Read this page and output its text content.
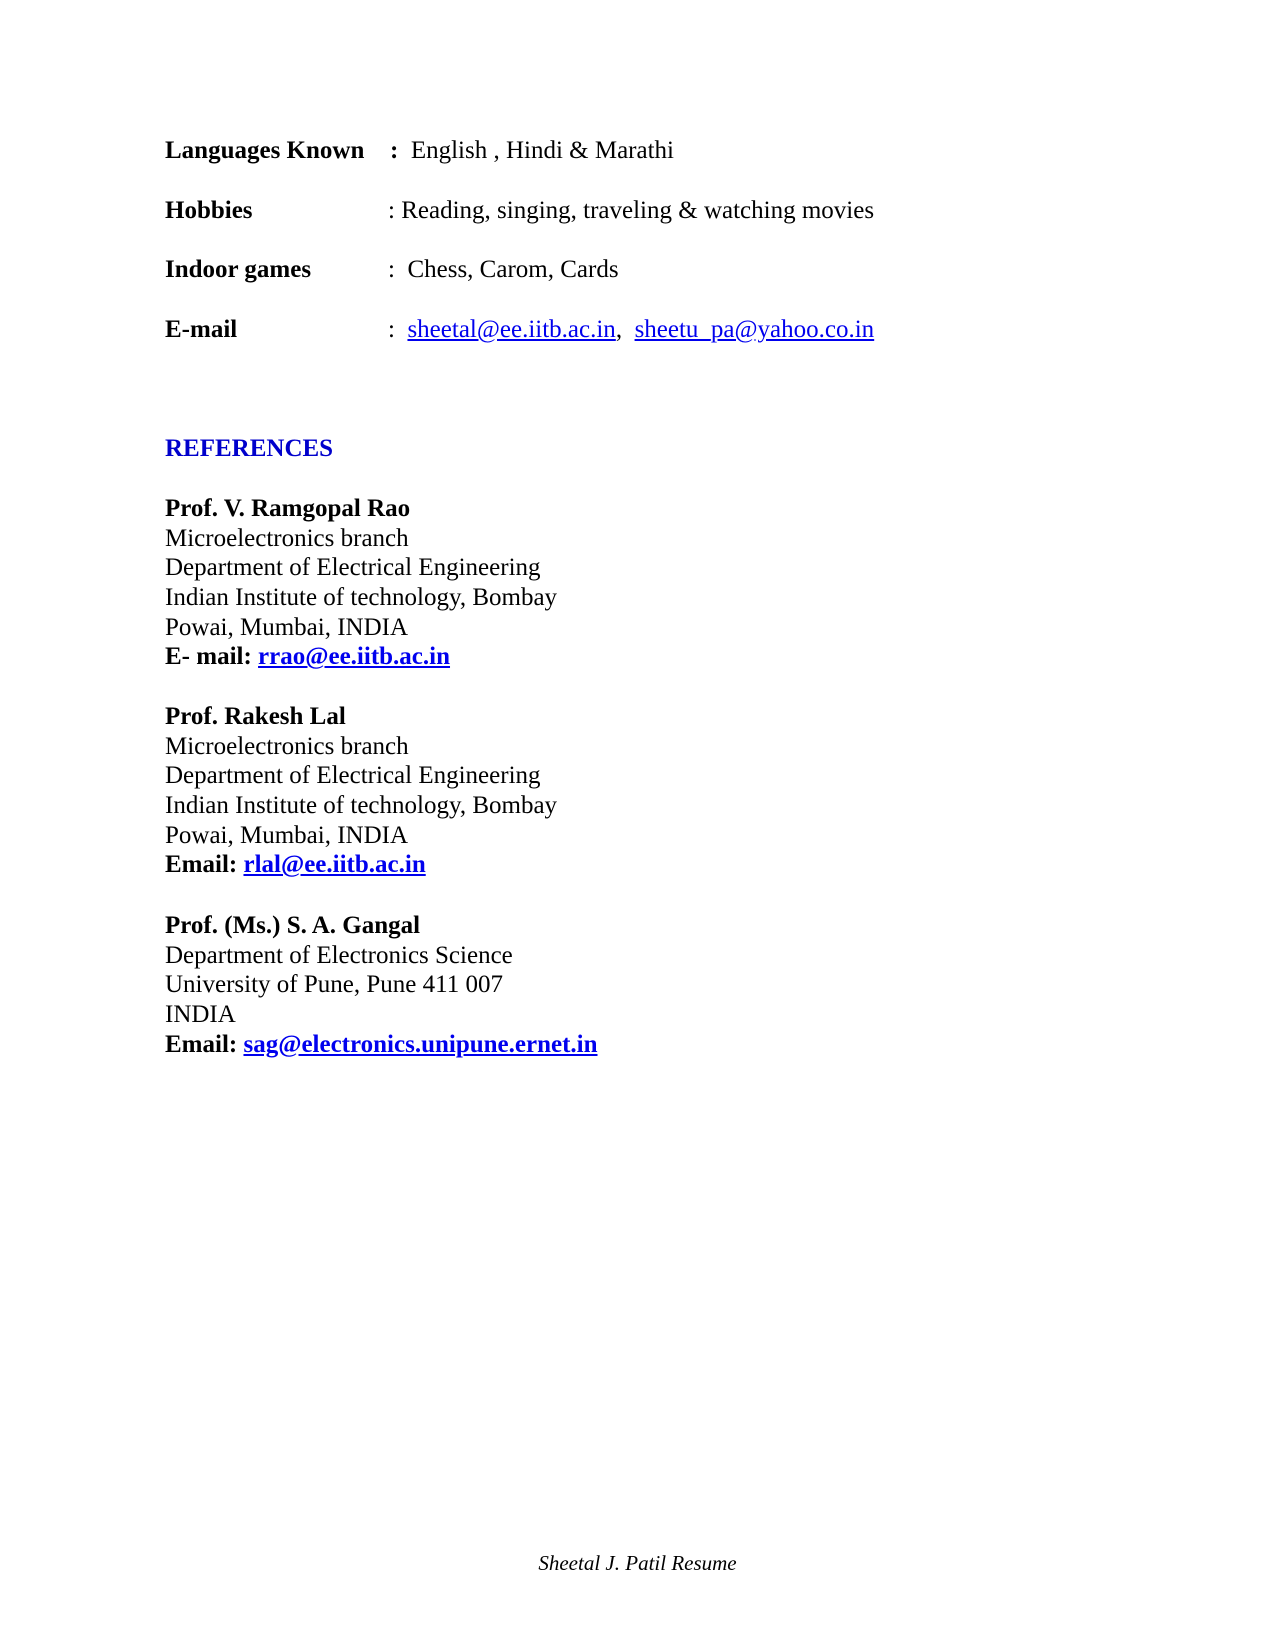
Languages Known : English , Hindi & Marathi
Hobbies	: Reading, singing, traveling & watching movies
Indoor games	: Chess, Carom, Cards
E-mail	: sheetal@ee.iitb.ac.in, sheetu_pa@yahoo.co.in
REFERENCES
Prof. V. Ramgopal Rao
Microelectronics branch
Department of Electrical Engineering
Indian Institute of technology, Bombay
Powai, Mumbai, INDIA
E- mail: rrao@ee.iitb.ac.in
Prof. Rakesh Lal
Microelectronics branch
Department of Electrical Engineering
Indian Institute of technology, Bombay
Powai, Mumbai, INDIA
Email: rlal@ee.iitb.ac.in
Prof. (Ms.) S. A. Gangal
Department of Electronics Science
University of Pune, Pune 411 007
INDIA
Email: sag@electronics.unipune.ernet.in
Sheetal J. Patil Resume
